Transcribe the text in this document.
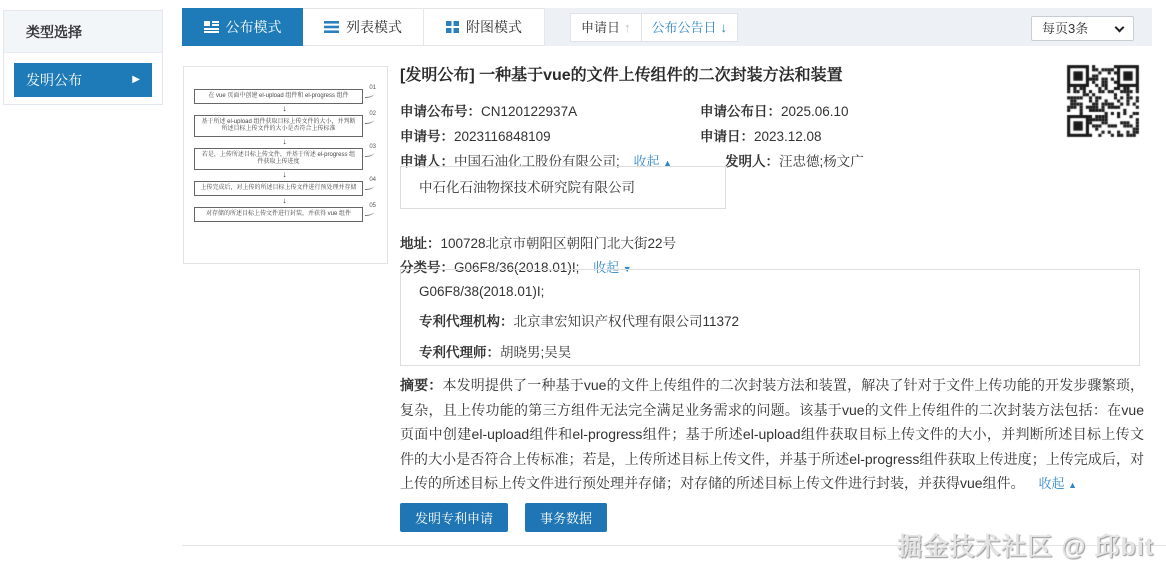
类型选择
发明公布	▶
公布模式	列表模式	附图模式	申请日 ↑	公布公告日 ↓	每页3条
在 vue 页面中创建 el-upload 组件和 el-progress 组件
01
↓
基于所述 el-upload 组件获取目标上传文件的大小，并判断所述目标上传文件的大小是否符合上传标准
02
↓
若是，上传所述目标上传文件，并基于所述 el-progress 组件获取上传进度
03
↓
上传完成后，对上传的所述目标上传文件进行预处理并存储
04
↓
对存储的所述目标上传文件进行封装，并获得 vue 组件
05
[发明公布] 一种基于vue的文件上传组件的二次封装方法和装置
申请公布号：CN120122937A	申请公布日：2025.06.10
申请号：2023116848109	申请日：2023.12.08
申请人：中国石油化工股份有限公司; 收起 ▲	发明人：汪忠德;杨文广
中石化石油物探技术研究院有限公司
地址：100728北京市朝阳区朝阳门北大街22号
分类号：G06F8/36(2018.01)I; 收起 ▼
G06F8/38(2018.01)I;
专利代理机构：北京聿宏知识产权代理有限公司11372
专利代理师：胡晓男;吴昊
摘要：本发明提供了一种基于vue的文件上传组件的二次封装方法和装置，解决了针对于文件上传功能的开发步骤繁琐，复杂，且上传功能的第三方组件无法完全满足业务需求的问题。该基于vue的文件上传组件的二次封装方法包括：在vue页面中创建el-upload组件和el-progress组件；基于所述el-upload组件获取目标上传文件的大小，并判断所述目标上传文件的大小是否符合上传标准；若是，上传所述目标上传文件，并基于所述el-progress组件获取上传进度；上传完成后，对上传的所述目标上传文件进行预处理并存储；对存储的所述目标上传文件进行封装，并获得vue组件。 收起 ▲
发明专利申请	事务数据
掘金技术社区 @ 邱bit
